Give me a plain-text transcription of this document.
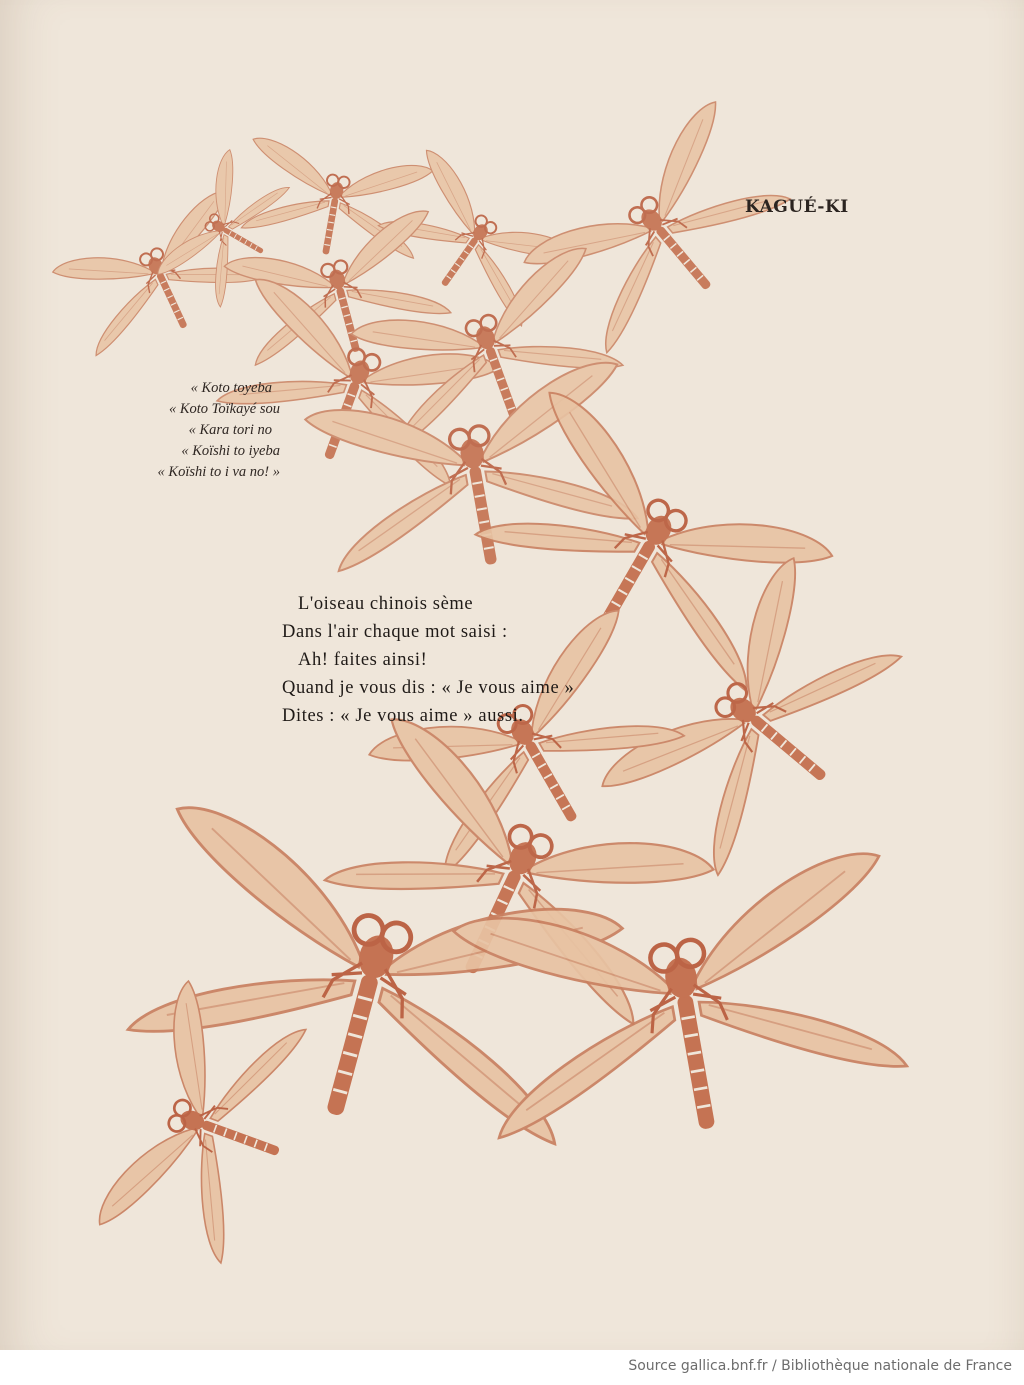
KAGUÉ-KI
« Koto toyeba
« Koto Toïkayé sou
« Kara tori no
« Koïshi to iyeba
« Koïshi to i va no! »
L'oiseau chinois sème
Dans l'air chaque mot saisi :
Ah! faites ainsi!
Quand je vous dis : « Je vous aime »
Dites : « Je vous aime » aussi.
Source gallica.bnf.fr / Bibliothèque nationale de France
